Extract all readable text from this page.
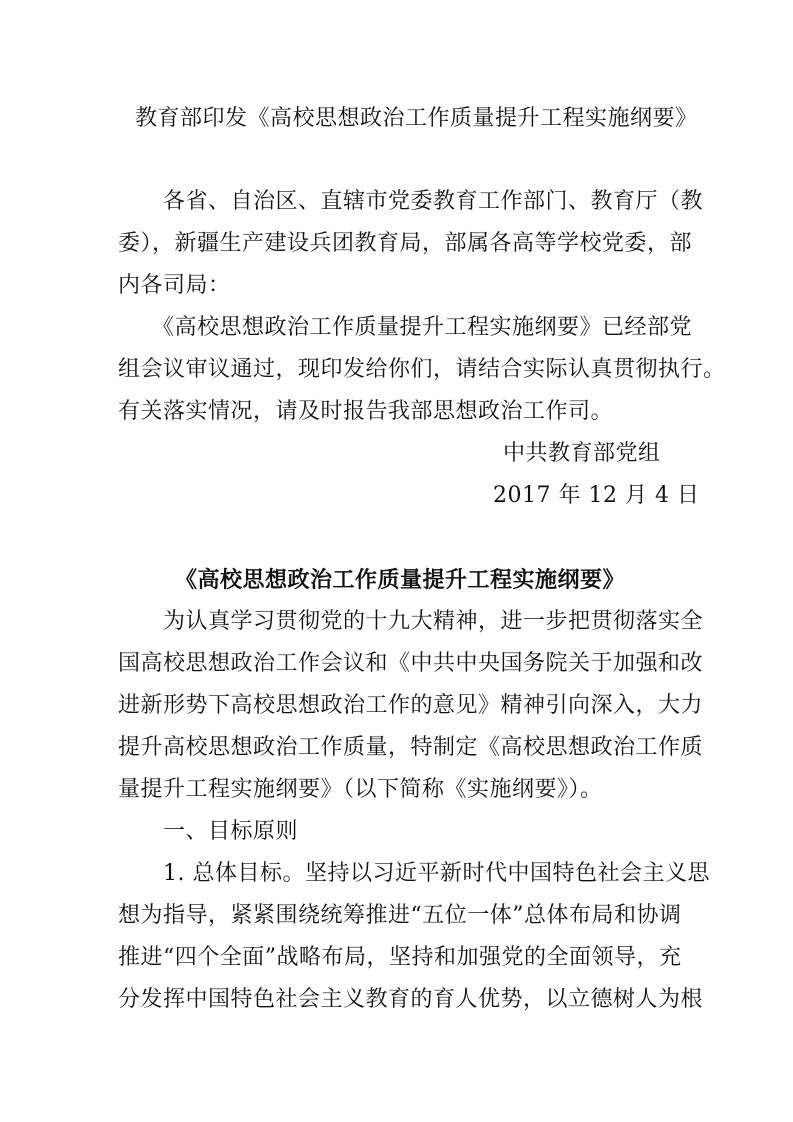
教育部印发《高校思想政治工作质量提升工程实施纲要》
各省、自治区、直辖市党委教育工作部门、教育厅（教
委），新疆生产建设兵团教育局，部属各高等学校党委，部
内各司局：
《高校思想政治工作质量提升工程实施纲要》已经部党
组会议审议通过，现印发给你们，请结合实际认真贯彻执行。
有关落实情况，请及时报告我部思想政治工作司。
中共教育部党组
2017 年 12 月 4 日
《高校思想政治工作质量提升工程实施纲要》
为认真学习贯彻党的十九大精神，进一步把贯彻落实全
国高校思想政治工作会议和《中共中央国务院关于加强和改
进新形势下高校思想政治工作的意见》精神引向深入，大力
提升高校思想政治工作质量，特制定《高校思想政治工作质
量提升工程实施纲要》（以下简称《实施纲要》）。
一、目标原则
1. 总体目标。坚持以习近平新时代中国特色社会主义思
想为指导，紧紧围绕统筹推进“五位一体”总体布局和协调
推进“四个全面”战略布局，坚持和加强党的全面领导，充
分发挥中国特色社会主义教育的育人优势，以立德树人为根
